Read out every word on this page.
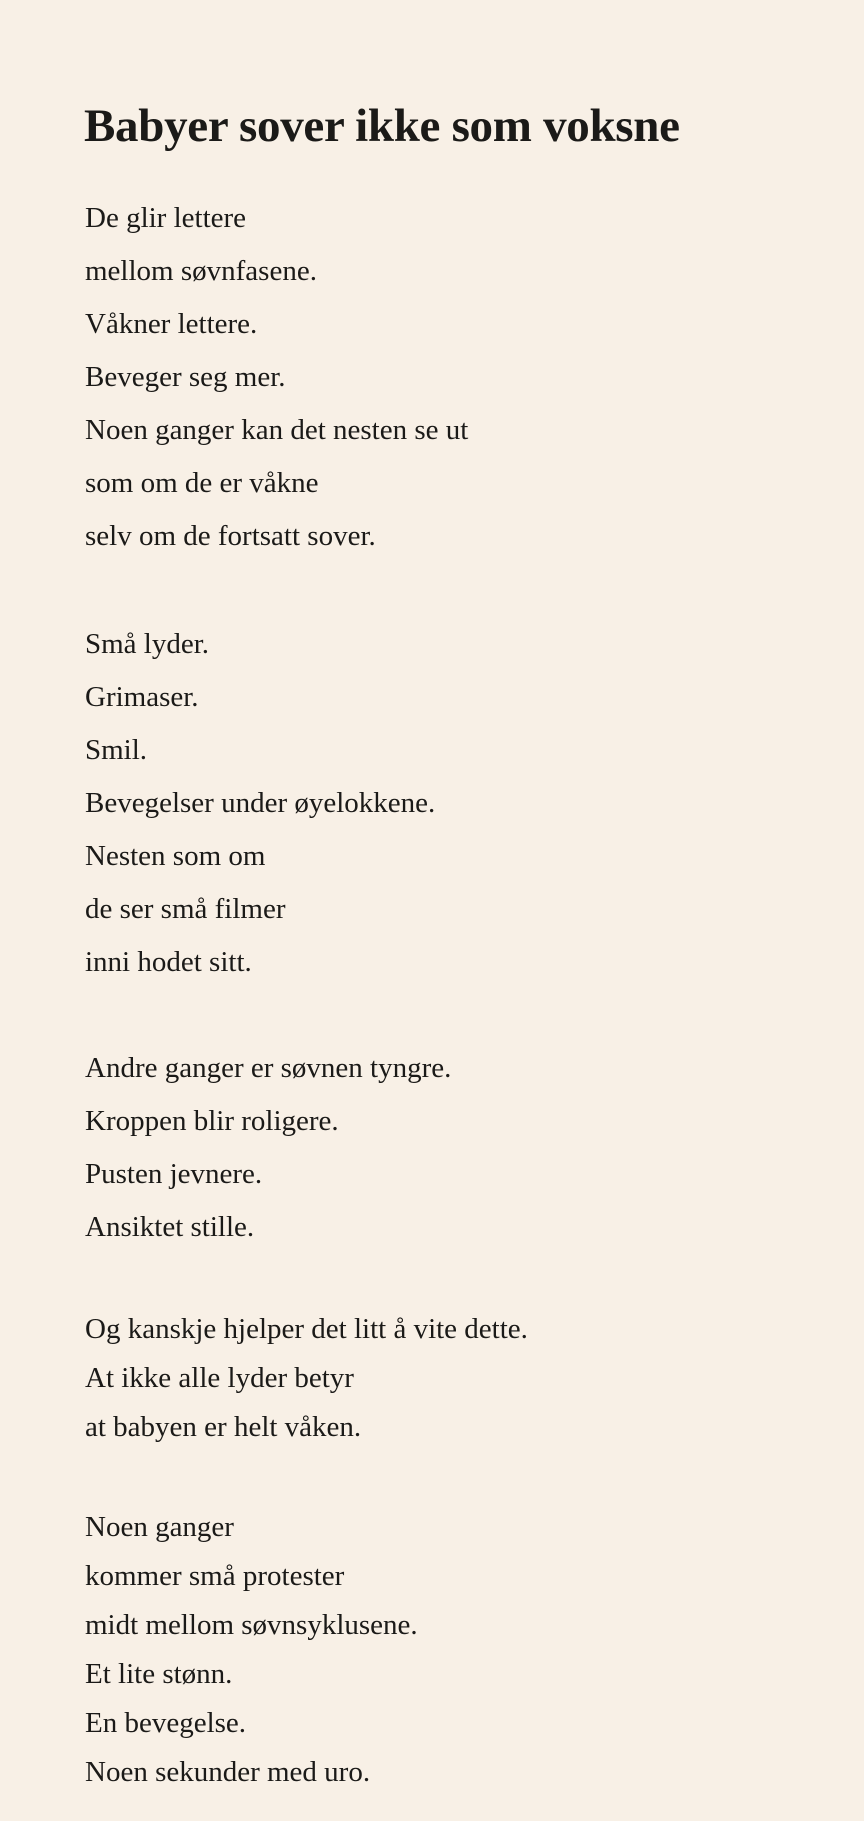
Babyer sover ikke som voksne
De glir lettere
mellom søvnfasene.
Våkner lettere.
Beveger seg mer.
Noen ganger kan det nesten se ut
som om de er våkne
selv om de fortsatt sover.
Små lyder.
Grimaser.
Smil.
Bevegelser under øyelokkene.
Nesten som om
de ser små filmer
inni hodet sitt.
Andre ganger er søvnen tyngre.
Kroppen blir roligere.
Pusten jevnere.
Ansiktet stille.
Og kanskje hjelper det litt å vite dette.
At ikke alle lyder betyr
at babyen er helt våken.
Noen ganger
kommer små protester
midt mellom søvnsyklusene.
Et lite stønn.
En bevegelse.
Noen sekunder med uro.
